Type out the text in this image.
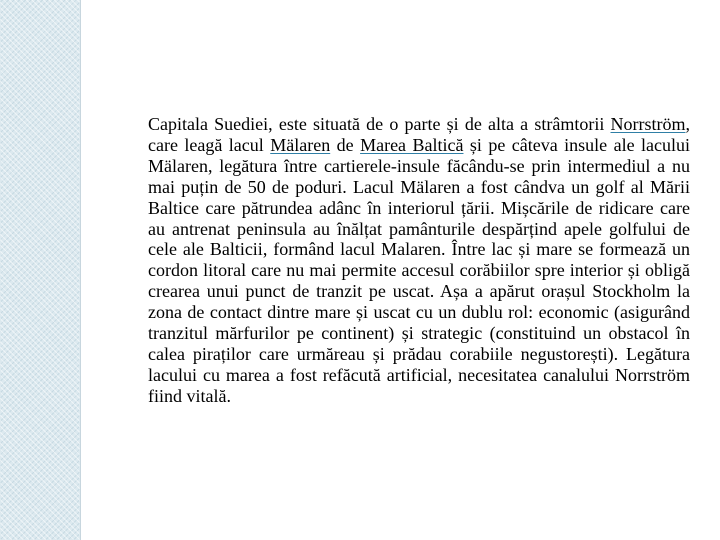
Capitala Suediei, este situată de o parte și de alta a strâmtorii Norrström, care leagă lacul Mälaren de Marea Baltică și pe câteva insule ale lacului Mälaren, legătura între cartierele-insule făcându-se prin intermediul a nu mai puțin de 50 de poduri. Lacul Mälaren a fost cândva un golf al Mării Baltice care pătrundea adânc în interiorul țării. Mișcările de ridicare care au antrenat peninsula au înălțat pamânturile despărțind apele golfului de cele ale Balticii, formând lacul Malaren. Între lac și mare se formează un cordon litoral care nu mai permite accesul corăbiilor spre interior și obligă crearea unui punct de tranzit pe uscat. Așa a apărut orașul Stockholm la zona de contact dintre mare și uscat cu un dublu rol: economic (asigurând tranzitul mărfurilor pe continent) și strategic (constituind un obstacol în calea piraților care urmăreau și prădau corabiile negustorești). Legătura lacului cu marea a fost refăcută artificial, necesitatea canalului Norrström fiind vitală.
